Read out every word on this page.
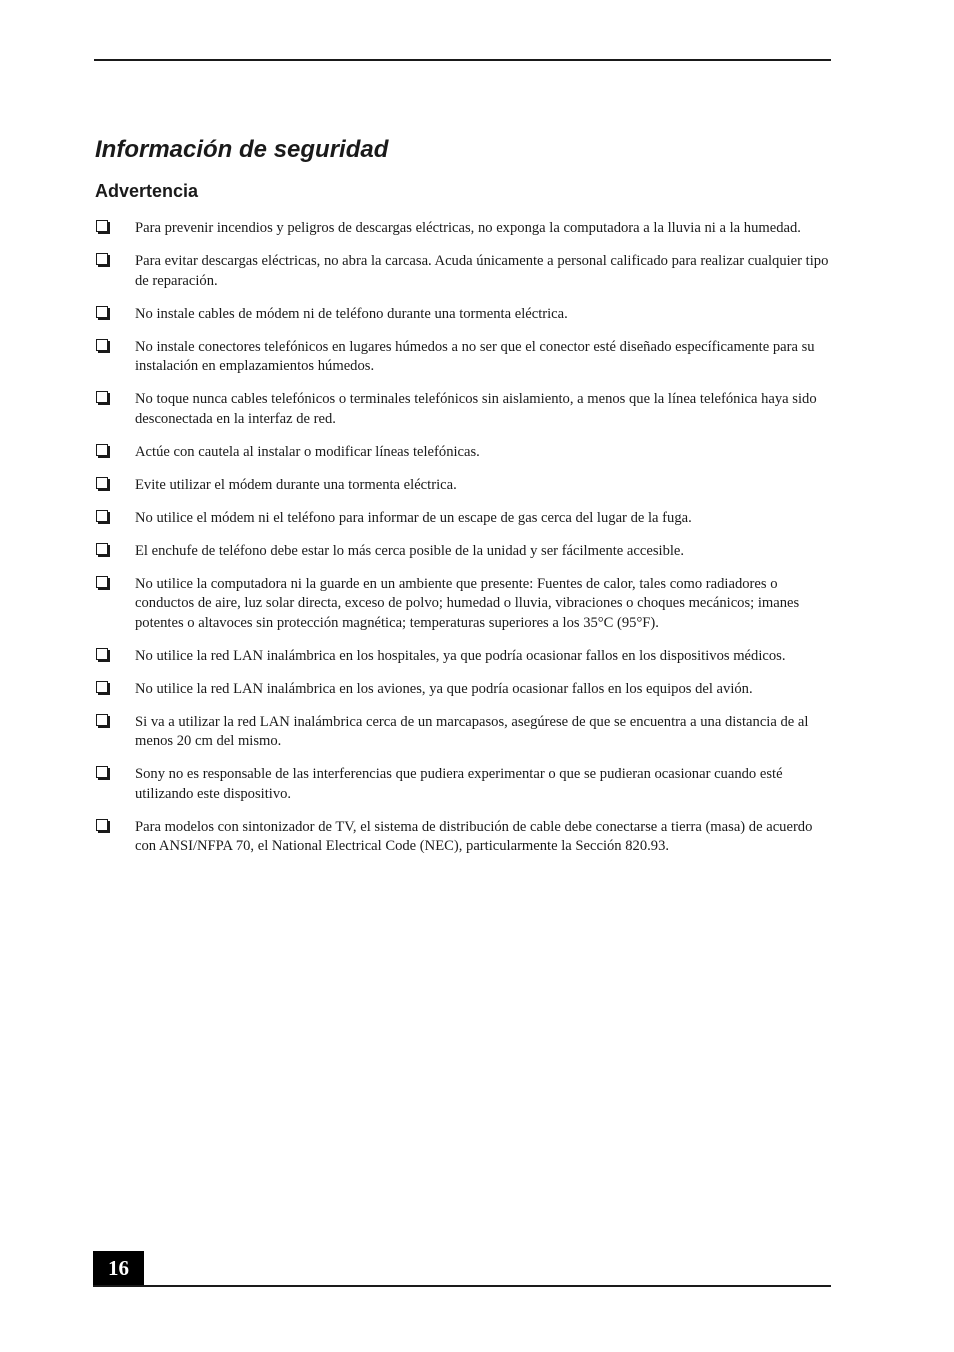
Información de seguridad
Advertencia
Para prevenir incendios y peligros de descargas eléctricas, no exponga la computadora a la lluvia ni a la humedad.
Para evitar descargas eléctricas, no abra la carcasa. Acuda únicamente a personal calificado para realizar cualquier tipo de reparación.
No instale cables de módem ni de teléfono durante una tormenta eléctrica.
No instale conectores telefónicos en lugares húmedos a no ser que el conector esté diseñado específicamente para su instalación en emplazamientos húmedos.
No toque nunca cables telefónicos o terminales telefónicos sin aislamiento, a menos que la línea telefónica haya sido desconectada en la interfaz de red.
Actúe con cautela al instalar o modificar líneas telefónicas.
Evite utilizar el módem durante una tormenta eléctrica.
No utilice el módem ni el teléfono para informar de un escape de gas cerca del lugar de la fuga.
El enchufe de teléfono debe estar lo más cerca posible de la unidad y ser fácilmente accesible.
No utilice la computadora ni la guarde en un ambiente que presente: Fuentes de calor, tales como radiadores o conductos de aire, luz solar directa, exceso de polvo; humedad o lluvia, vibraciones o choques mecánicos; imanes potentes o altavoces sin protección magnética; temperaturas superiores a los 35°C (95°F).
No utilice la red LAN inalámbrica en los hospitales, ya que podría ocasionar fallos en los dispositivos médicos.
No utilice la red LAN inalámbrica en los aviones, ya que podría ocasionar fallos en los equipos del avión.
Si va a utilizar la red LAN inalámbrica cerca de un marcapasos, asegúrese de que se encuentra a una distancia de al menos 20 cm del mismo.
Sony no es responsable de las interferencias que pudiera experimentar o que se pudieran ocasionar cuando esté utilizando este dispositivo.
Para modelos con sintonizador de TV, el sistema de distribución de cable debe conectarse a tierra (masa) de acuerdo con ANSI/NFPA 70, el National Electrical Code (NEC), particularmente la Sección 820.93.
16
